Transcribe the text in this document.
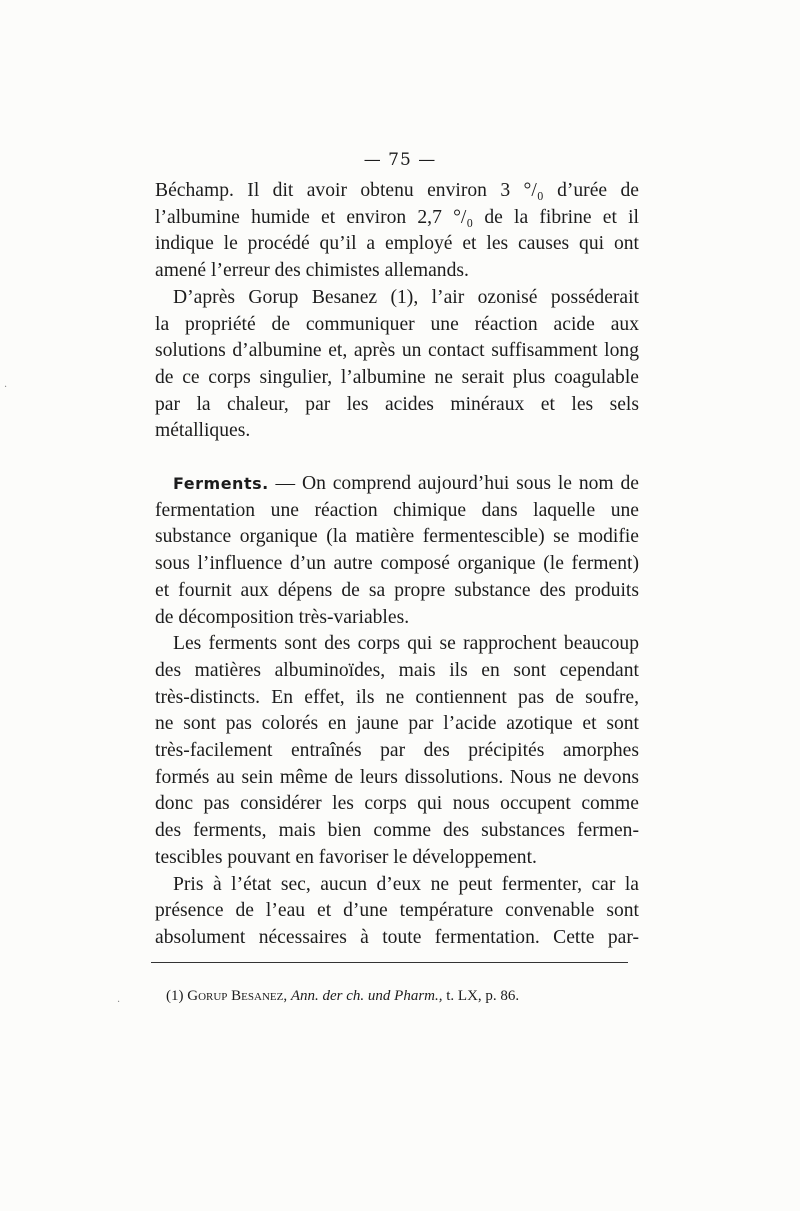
— 75 —
Béchamp. Il dit avoir obtenu environ 3 °/₀ d’urée de
l’albumine humide et environ 2,7 °/₀ de la fibrine et il
indique le procédé qu’il a employé et les causes qui ont
amené l’erreur des chimistes allemands.
D’après Gorup Besanez (1), l’air ozonisé posséderait
la propriété de communiquer une réaction acide aux
solutions d’albumine et, après un contact suffisamment long
de ce corps singulier, l’albumine ne serait plus coagulable
par la chaleur, par les acides minéraux et les sels
métalliques.
Ferments. — On comprend aujourd’hui sous le nom de
fermentation une réaction chimique dans laquelle une
substance organique (la matière fermentescible) se modifie
sous l’influence d’un autre composé organique (le ferment)
et fournit aux dépens de sa propre substance des produits
de décomposition très-variables.
Les ferments sont des corps qui se rapprochent beaucoup
des matières albuminoïdes, mais ils en sont cependant
très-distincts. En effet, ils ne contiennent pas de soufre,
ne sont pas colorés en jaune par l’acide azotique et sont
très-facilement entraînés par des précipités amorphes
formés au sein même de leurs dissolutions. Nous ne devons
donc pas considérer les corps qui nous occupent comme
des ferments, mais bien comme des substances fermen-
tescibles pouvant en favoriser le développement.
Pris à l’état sec, aucun d’eux ne peut fermenter, car la
présence de l’eau et d’une température convenable sont
absolument nécessaires à toute fermentation. Cette par-
(1) Gorup Besanez, Ann. der ch. und Pharm., t. LX, p. 86.
·
·
